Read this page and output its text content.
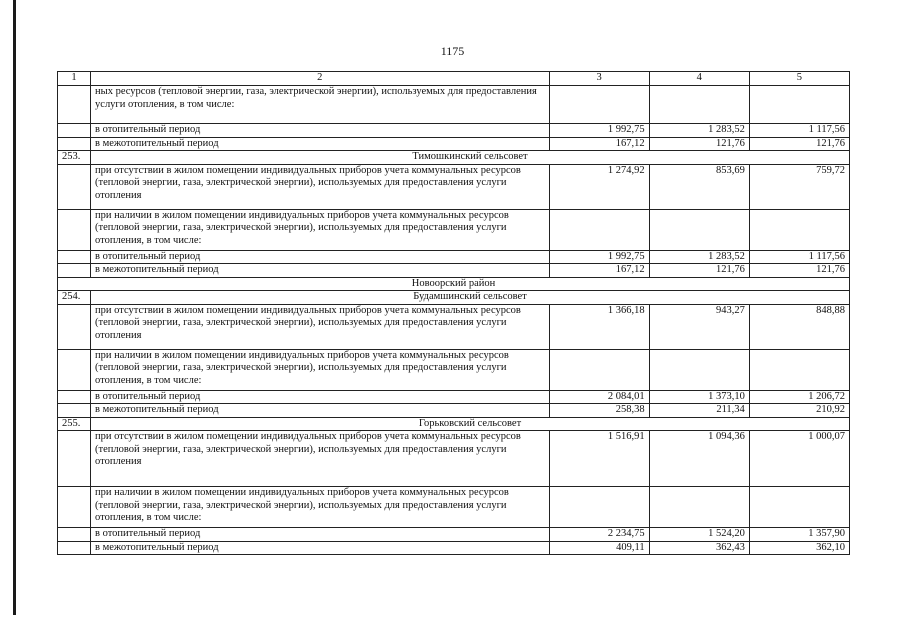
1175
1	2	3	4	5
	ных ресурсов (тепловой энергии, газа, электрической энергии), используемых для предоставления услуги отопления, в том числе:			
	в отопительный период	1 992,75	1 283,52	1 117,56
	в межотопительный период	167,12	121,76	121,76
253.	Тимошкинский сельсовет			
	при отсутствии в жилом помещении индивидуальных приборов учета коммунальных ресурсов (тепловой энергии, газа, электрической энергии), используемых для предоставления услуги отопления	1 274,92	853,69	759,72
	при наличии в жилом помещении индивидуальных приборов учета коммунальных ресурсов (тепловой энергии, газа, электрической энергии), используемых для предоставления услуги отопления, в том числе:			
	в отопительный период	1 992,75	1 283,52	1 117,56
	в межотопительный период	167,12	121,76	121,76
Новоорский район				
254.	Будамшинский сельсовет			
	при отсутствии в жилом помещении индивидуальных приборов учета коммунальных ресурсов (тепловой энергии, газа, электрической энергии), используемых для предоставления услуги отопления	1 366,18	943,27	848,88
	при наличии в жилом помещении индивидуальных приборов учета коммунальных ресурсов (тепловой энергии, газа, электрической энергии), используемых для предоставления услуги отопления, в том числе:			
	в отопительный период	2 084,01	1 373,10	1 206,72
	в межотопительный период	258,38	211,34	210,92
255.	Горьковский сельсовет			
	при отсутствии в жилом помещении индивидуальных приборов учета коммунальных ресурсов (тепловой энергии, газа, электрической энергии), используемых для предоставления услуги отопления	1 516,91	1 094,36	1 000,07
	при наличии в жилом помещении индивидуальных приборов учета коммунальных ресурсов (тепловой энергии, газа, электрической энергии), используемых для предоставления услуги отопления, в том числе:			
	в отопительный период	2 234,75	1 524,20	1 357,90
	в межотопительный период	409,11	362,43	362,10
